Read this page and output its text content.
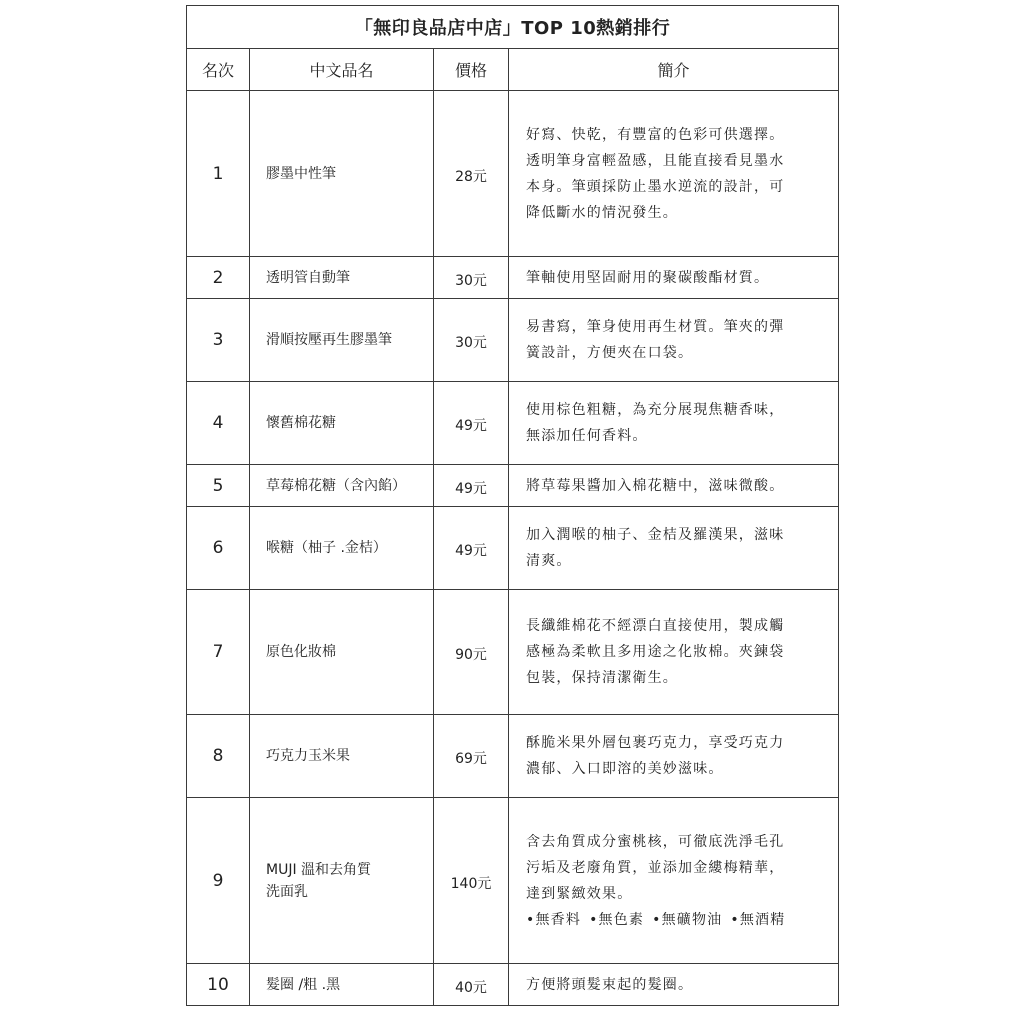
「無印良品店中店」TOP 10熱銷排行			
名次	中文品名	價格	簡介
1	膠墨中性筆	28元	好寫、快乾，有豐富的色彩可供選擇。
透明筆身富輕盈感，且能直接看見墨水
本身。筆頭採防止墨水逆流的設計，可
降低斷水的情況發生。

2	透明管自動筆	30元	筆軸使用堅固耐用的聚碳酸酯材質。

3	滑順按壓再生膠墨筆	30元	易書寫，筆身使用再生材質。筆夾的彈
簧設計，方便夾在口袋。

4	懷舊棉花糖	49元	使用棕色粗糖，為充分展現焦糖香味，
無添加任何香料。

5	草莓棉花糖（含內餡）	49元	將草莓果醬加入棉花糖中，滋味微酸。

6	喉糖（柚子 .金桔）	49元	加入潤喉的柚子、金桔及羅漢果，滋味
清爽。

7	原色化妝棉	90元	長纖維棉花不經漂白直接使用，製成觸
感極為柔軟且多用途之化妝棉。夾鍊袋
包裝，保持清潔衛生。

8	巧克力玉米果	69元	酥脆米果外層包裹巧克力，享受巧克力
濃郁、入口即溶的美妙滋味。

9	MUJI 溫和去角質
洗面乳	140元	含去角質成分蜜桃核，可徹底洗淨毛孔
污垢及老廢角質，並添加金縷梅精華，
達到緊緻效果。
•無香料 •無色素 •無礦物油 •無酒精

10	髮圈 /粗 .黑	40元	方便將頭髮束起的髮圈。
